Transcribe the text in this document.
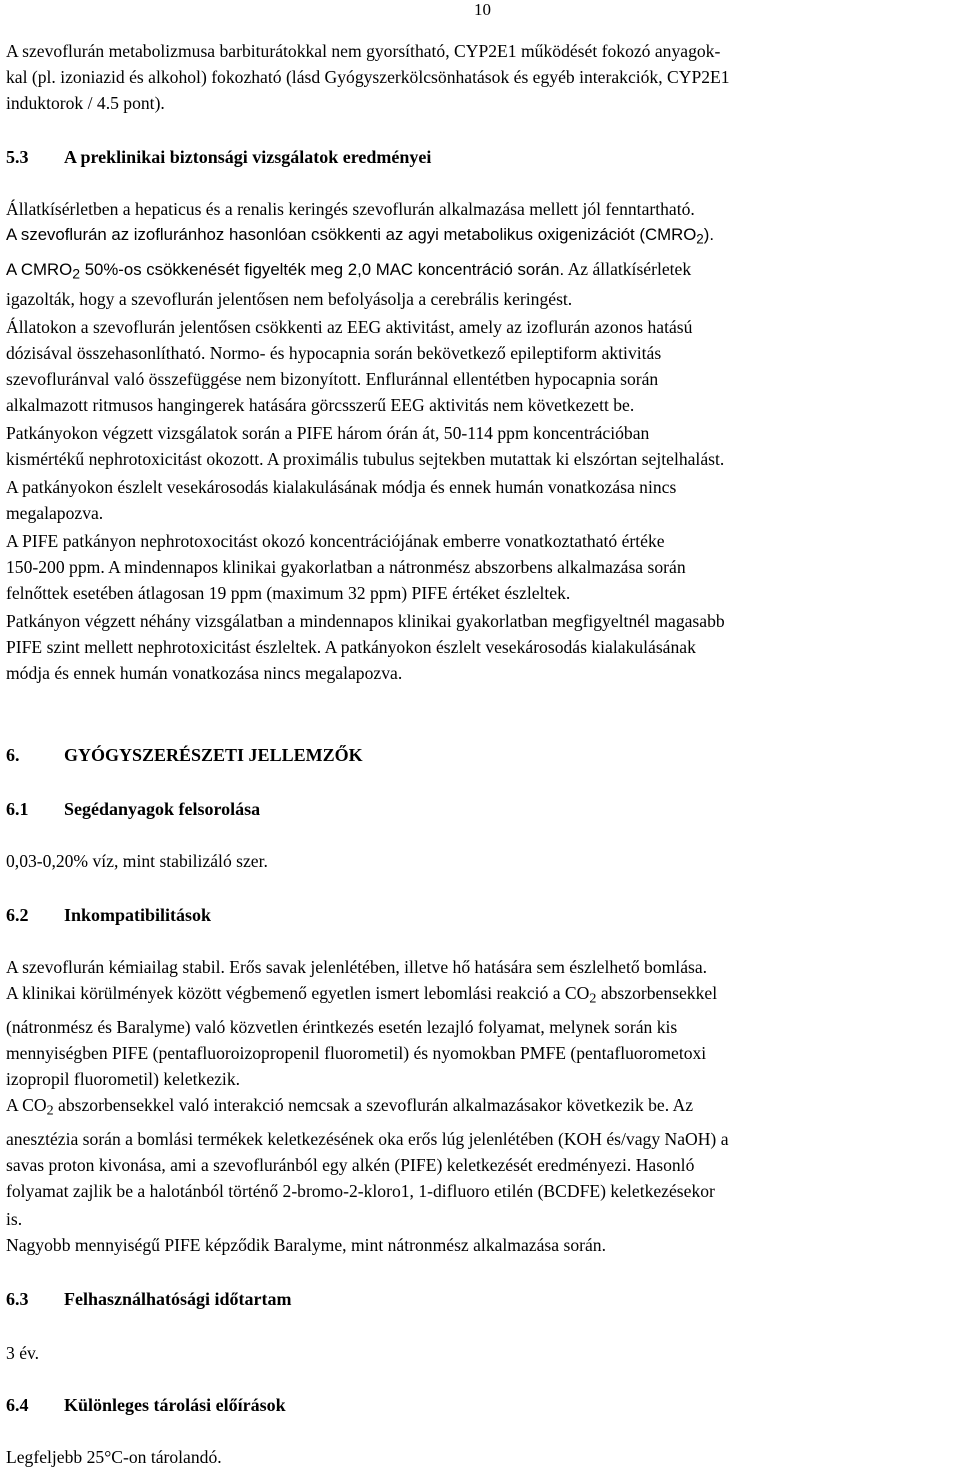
10
A szevoflurán metabolizmusa barbiturátokkal nem gyorsítható, CYP2E1 működését fokozó anyagok-
kal (pl. izoniazid és alkohol) fokozható (lásd Gyógyszerkölcsönhatások és egyéb interakciók, CYP2E1
induktorok / 4.5 pont).
5.3 A preklinikai biztonsági vizsgálatok eredményei
Állatkísérletben a hepaticus és a renalis keringés szevoflurán alkalmazása mellett jól fenntartható.
A szevoflurán az izofluránhoz hasonlóan csökkenti az agyi metabolikus oxigenizációt $(CMRO_2)$.
A $CMRO_2$ 50%-os csökkenését figyelték meg 2,0 MAC koncentráció során. Az állatkísérletek
igazolták, hogy a szevoflurán jelentősen nem befolyásolja a cerebrális keringést.
Állatokon a szevoflurán jelentősen csökkenti az EEG aktivitást, amely az izoflurán azonos hatású
dózisával összehasonlítható. Normo- és hypocapnia során bekövetkező epileptiform aktivitás
szevofluránval való összefüggése nem bizonyított. Enfluránnal ellentétben hypocapnia során
alkalmazott ritmusos hangingerek hatására görcsszerű EEG aktivitás nem következett be.
Patkányokon végzett vizsgálatok során a PIFE három órán át, 50-114 ppm koncentrációban
kismértékű nephrotoxicitást okozott. A proximális tubulus sejtekben mutattak ki elszórtan sejtelhalást.
A patkányokon észlelt vesekárosodás kialakulásának módja és ennek humán vonatkozása nincs
megalapozva.
A PIFE patkányon nephrotoxocitást okozó koncentrációjának emberre vonatkoztatható értéke
150-200 ppm. A mindennapos klinikai gyakorlatban a nátronmész abszorbens alkalmazása során
felnőttek esetében átlagosan 19 ppm (maximum 32 ppm) PIFE értéket észleltek.
Patkányon végzett néhány vizsgálatban a mindennapos klinikai gyakorlatban megfigyeltnél magasabb
PIFE szint mellett nephrotoxicitást észleltek. A patkányokon észlelt vesekárosodás kialakulásának
módja és ennek humán vonatkozása nincs megalapozva.
6. GYÓGYSZERÉSZETI JELLEMZŐK
6.1 Segédanyagok felsorolása
0,03-0,20% víz, mint stabilizáló szer.
6.2 Inkompatibilitások
A szevoflurán kémiailag stabil. Erős savak jelenlétében, illetve hő hatására sem észlelhető bomlása.
A klinikai körülmények között végbemenő egyetlen ismert lebomlási reakció a $CO_2$ abszorbensekkel
(nátronmész és Baralyme) való közvetlen érintkezés esetén lezajló folyamat, melynek során kis
mennyiségben PIFE (pentafluoroizopropenil fluorometil) és nyomokban PMFE (pentafluorometoxi
izopropil fluorometil) keletkezik.
A $CO_2$ abszorbensekkel való interakció nemcsak a szevoflurán alkalmazásakor következik be. Az
anesztézia során a bomlási termékek keletkezésének oka erős lúg jelenlétében (KOH és/vagy NaOH) a
savas proton kivonása, ami a szevofluránból egy alkén (PIFE) keletkezését eredményezi. Hasonló
folyamat zajlik be a halotánból történő 2-bromo-2-kloro1, 1-difluoro etilén (BCDFE) keletkezésekor
is.
Nagyobb mennyiségű PIFE képződik Baralyme, mint nátronmész alkalmazása során.
6.3 Felhasználhatósági időtartam
3 év.
6.4 Különleges tárolási előírások
Legfeljebb 25°C-on tárolandó.
